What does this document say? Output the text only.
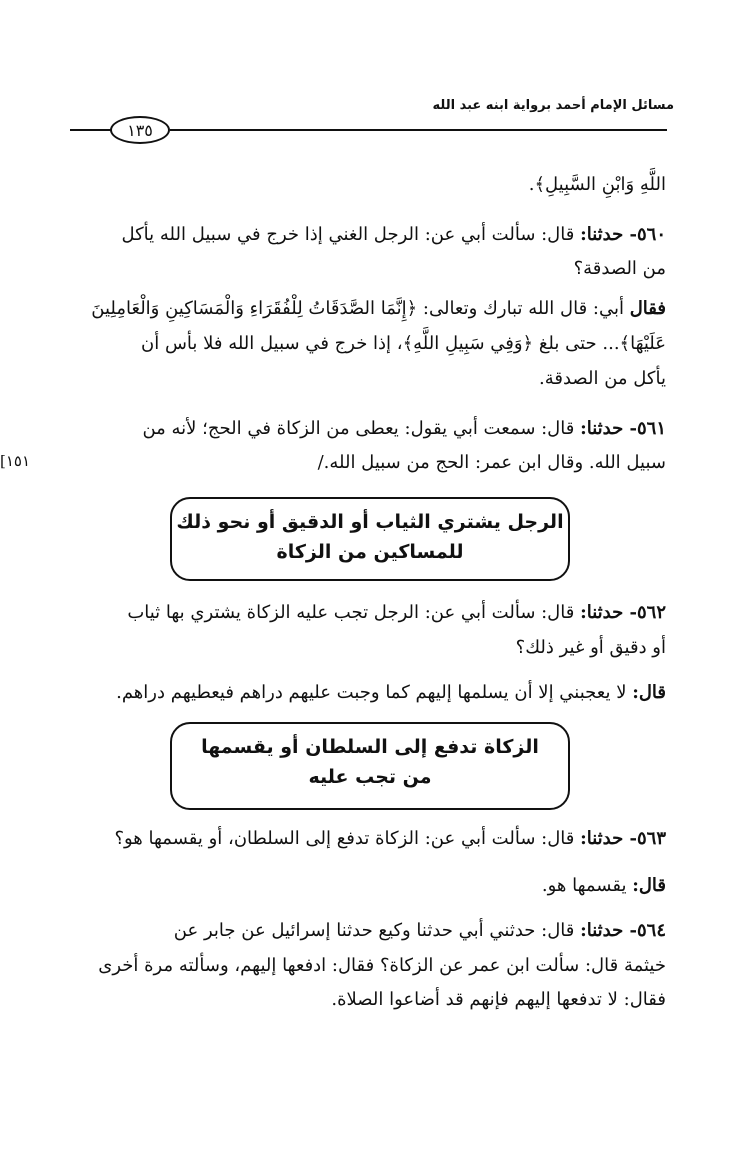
مسائل الإمام أحمد برواية ابنه عبد الله
١٣٥
[١٥١
اللَّهِ وَابْنِ السَّبِيلِ﴾.
٥٦٠- حدثنا: قال: سألت أبي عن: الرجل الغني إذا خرج في سبيل الله يأكل
من الصدقة؟
فقال أبي: قال الله تبارك وتعالى: ﴿إِنَّمَا الصَّدَقَاتُ لِلْفُقَرَاءِ وَالْمَسَاكِينِ وَالْعَامِلِينَ
عَلَيْهَا﴾... حتى بلغ ﴿وَفِي سَبِيلِ اللَّهِ﴾، إذا خرج في سبيل الله فلا بأس أن
يأكل من الصدقة.
٥٦١- حدثنا: قال: سمعت أبي يقول: يعطى من الزكاة في الحج؛ لأنه من
سبيل الله. وقال ابن عمر: الحج من سبيل الله./
الرجل يشتري الثياب أو الدقيق أو نحو ذلك
للمساكين من الزكاة
٥٦٢- حدثنا: قال: سألت أبي عن: الرجل تجب عليه الزكاة يشتري بها ثياب
أو دقيق أو غير ذلك؟
قال: لا يعجبني إلا أن يسلمها إليهم كما وجبت عليهم دراهم فيعطيهم دراهم.
الزكاة تدفع إلى السلطان أو يقسمها
من تجب عليه
٥٦٣- حدثنا: قال: سألت أبي عن: الزكاة تدفع إلى السلطان، أو يقسمها هو؟
قال: يقسمها هو.
٥٦٤- حدثنا: قال: حدثني أبي حدثنا وكيع حدثنا إسرائيل عن جابر عن
خيثمة قال: سألت ابن عمر عن الزكاة؟ فقال: ادفعها إليهم، وسألته مرة أخرى
فقال: لا تدفعها إليهم فإنهم قد أضاعوا الصلاة.
